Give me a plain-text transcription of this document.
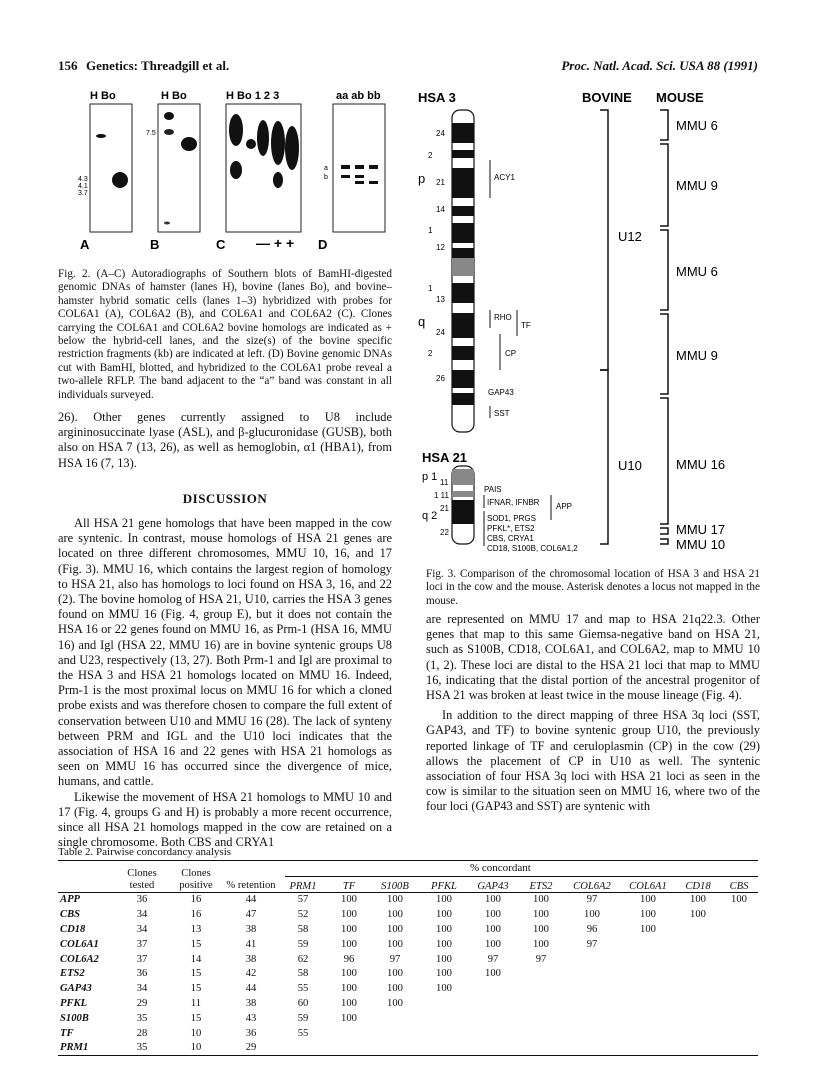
156 Genetics: Threadgill et al.	Proc. Natl. Acad. Sci. USA 88 (1991)
H Bo
4.3
4.1
3.7
A
H Bo
7.5
B
H Bo 1 2 3
— + +
C
aa ab bb
a
b
D
Fig. 2. (A–C) Autoradiographs of Southern blots of BamHI-digested genomic DNAs of hamster (lanes H), bovine (lanes Bo), and bovine–hamster hybrid somatic cells (lanes 1–3) hybridized with probes for COL6A1 (A), COL6A2 (B), and COL6A1 and COL6A2 (C). Clones carrying the COL6A1 and COL6A2 bovine homologs are indicated as + below the hybrid-cell lanes, and the size(s) of the bovine specific restriction fragments (kb) are indicated at left. (D) Bovine genomic DNAs cut with BamHI, blotted, and hybridized to the COL6A1 probe reveal a two-allele RFLP. The band adjacent to the “a” band was constant in all individuals surveyed.

26). Other genes currently assigned to U8 include argininosuccinate lyase (ASL), and β-glucuronidase (GUSB), both also on HSA 7 (13, 26), as well as hemoglobin, α1 (HBA1), from HSA 16 (7, 13).

DISCUSSION

All HSA 21 gene homologs that have been mapped in the cow are syntenic. In contrast, mouse homologs of HSA 21 genes are located on three different chromosomes, MMU 10, 16, and 17 (Fig. 3). MMU 16, which contains the largest region of homology to HSA 21, also has homologs to loci found on HSA 3, 16, and 22 (2). The bovine homolog of HSA 21, U10, carries the HSA 3 genes found on MMU 16 (Fig. 4, group E), but it does not contain the HSA 16 or 22 genes found on MMU 16, as Prm-1 (HSA 16, MMU 16) and Igl (HSA 22, MMU 16) are in bovine syntenic groups U8 and U23, respectively (13, 27). Both Prm-1 and Igl are proximal to the HSA 3 and HSA 21 homologs located on MMU 16. Indeed, Prm-1 is the most proximal locus on MMU 16 for which a cloned probe exists and was therefore chosen to compare the full extent of conservation between U10 and MMU 16 (28). The lack of synteny between PRM and IGL and the U10 loci indicates that the association of HSA 16 and 22 genes with HSA 21 homologs as seen on MMU 16 has occurred since the divergence of mice, humans, and cattle.

Likewise the movement of HSA 21 homologs to MMU 10 and 17 (Fig. 4, groups G and H) is probably a more recent occurrence, since all HSA 21 homologs mapped in the cow are retained on a single chromosome. Both CBS and CRYA1

HSA 3	BOVINE MOUSE
HSA 21
24
2
21
14
1
12
1
13
24
2
26
p
q
p 1 11
1 11
q 2
21
22
ACY1
RHO
TF
CP
GAP43
SST
PAIS
IFNAR, IFNBR APP
SOD1, PRGS
PFKL*, ETS2
CBS, CRYA1
CD18, S100B, COL6A1,2
U12
U10
MMU 6
MMU 9
MMU 6
MMU 9
MMU 16
MMU 17
MMU 10
Fig. 3. Comparison of the chromosomal location of HSA 3 and HSA 21 loci in the cow and the mouse. Asterisk denotes a locus not mapped in the mouse.

are represented on MMU 17 and map to HSA 21q22.3. Other genes that map to this same Giemsa-negative band on HSA 21, such as S100B, CD18, COL6A1, and COL6A2, map to MMU 10 (1, 2). These loci are distal to the HSA 21 loci that map to MMU 16, indicating that the distal portion of the ancestral progenitor of HSA 21 was broken at least twice in the mouse lineage (Fig. 4).

In addition to the direct mapping of three HSA 3q loci (SST, GAP43, and TF) to bovine syntenic group U10, the previously reported linkage of TF and ceruloplasmin (CP) in the cow (29) allows the placement of CP in U10 as well. The syntenic association of four HSA 3q loci with HSA 21 loci as seen in the cow is similar to the situation seen on MMU 16, where two of the four loci (GAP43 and SST) are syntenic with

Table 2. Pairwise concordancy analysis
% concordant
	Clones tested	Clones positive	% retention	PRM1	TF	S100B	PFKL	GAP43	ETS2	COL6A2	COL6A1	CD18	CBS
APP	36	16	44	57	100	100	100	100	100	97	100	100	100
CBS	34	16	47	52	100	100	100	100	100	100	100	100	
CD18	34	13	38	58	100	100	100	100	100	96	100		
COL6A1	37	15	41	59	100	100	100	100	100	97			
COL6A2	37	14	38	62	96	97	100	97	97				
ETS2	36	15	42	58	100	100	100	100					
GAP43	34	15	44	55	100	100	100						
PFKL	29	11	38	60	100	100							
S100B	35	15	43	59	100								
TF	28	10	36	55									
PRM1	35	10	29										
